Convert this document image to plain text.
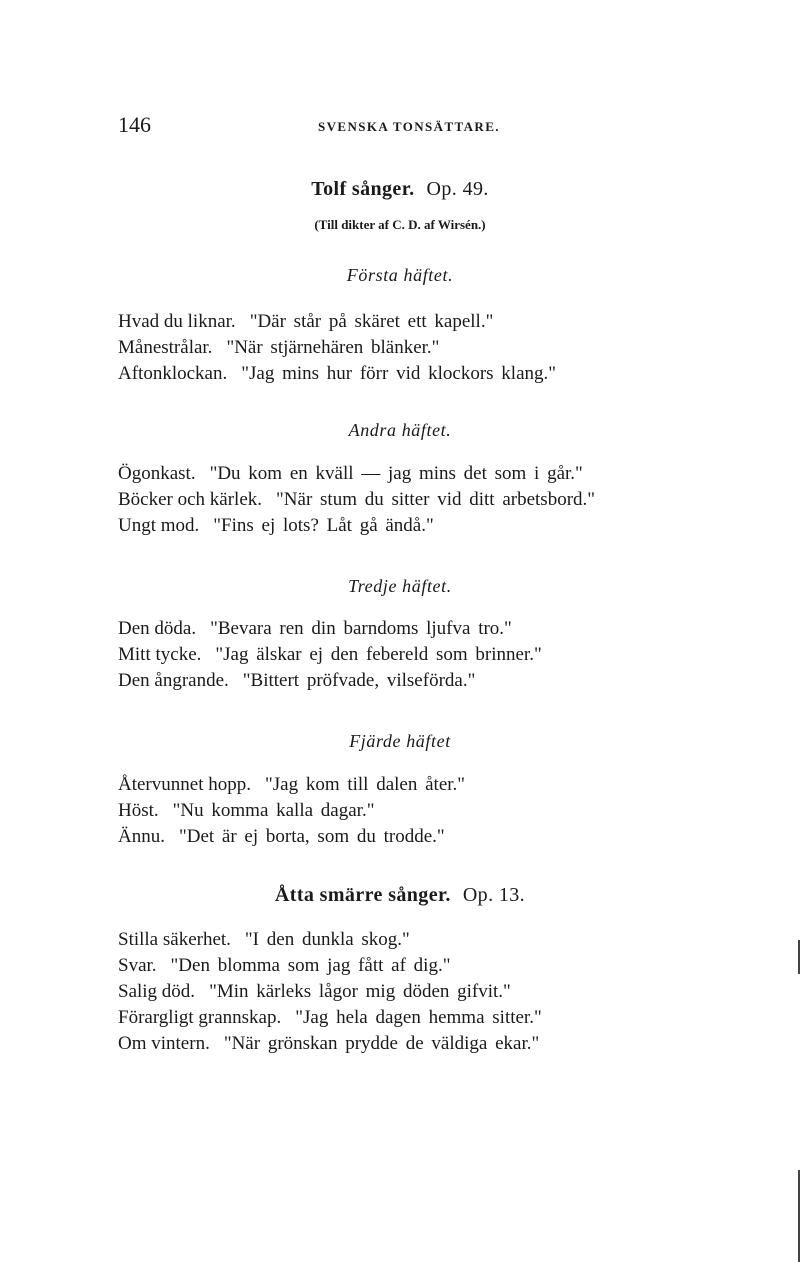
146	SVENSKA TONSÄTTARE.
Tolf sånger. Op. 49.
(Till dikter af C. D. af Wirsén.)
Första häftet.
Hvad du liknar. "Där står på skäret ett kapell."
Månestrålar. "När stjärnehären blänker."
Aftonklockan. "Jag mins hur förr vid klockors klang."
Andra häftet.
Ögonkast. "Du kom en kväll — jag mins det som i går."
Böcker och kärlek. "När stum du sitter vid ditt arbetsbord."
Ungt mod. "Fins ej lots? Låt gå ändå."
Tredje häftet.
Den döda. "Bevara ren din barndoms ljufva tro."
Mitt tycke. "Jag älskar ej den febereld som brinner."
Den ångrande. "Bittert pröfvade, vilseförda."
Fjärde häftet
Återvunnet hopp. "Jag kom till dalen åter."
Höst. "Nu komma kalla dagar."
Ännu. "Det är ej borta, som du trodde."
Åtta smärre sånger. Op. 13.
Stilla säkerhet. "I den dunkla skog."
Svar. "Den blomma som jag fått af dig."
Salig död. "Min kärleks lågor mig döden gifvit."
Förargligt grannskap. "Jag hela dagen hemma sitter."
Om vintern. "När grönskan prydde de väldiga ekar."
